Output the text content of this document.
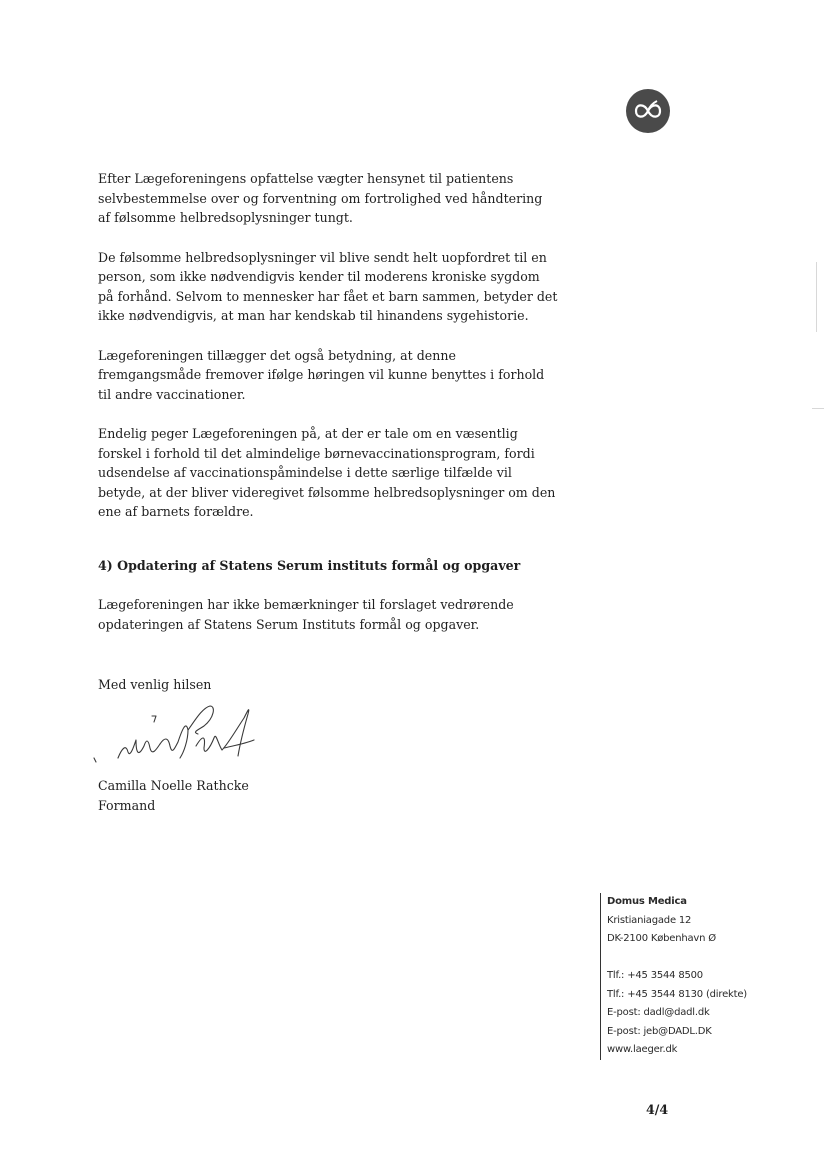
Efter Lægeforeningens opfattelse vægter hensynet til patientens selvbestemmelse over og forventning om fortrolighed ved håndtering af følsomme helbredsoplysninger tungt.

De følsomme helbredsoplysninger vil blive sendt helt uopfordret til en person, som ikke nødvendigvis kender til moderens kroniske sygdom på forhånd. Selvom to mennesker har fået et barn sammen, betyder det ikke nødvendigvis, at man har kendskab til hinandens sygehistorie.

Lægeforeningen tillægger det også betydning, at denne fremgangsmåde fremover ifølge høringen vil kunne benyttes i forhold til andre vaccinationer.

Endelig peger Lægeforeningen på, at der er tale om en væsentlig forskel i forhold til det almindelige børnevaccinationsprogram, fordi udsendelse af vaccinationspåmindelse i dette særlige tilfælde vil betyde, at der bliver videregivet følsomme helbredsoplysninger om den ene af barnets forældre.

4) Opdatering af Statens Serum instituts formål og opgaver

Lægeforeningen har ikke bemærkninger til forslaget vedrørende opdateringen af Statens Serum Instituts formål og opgaver.

Med venlig hilsen
Camilla Noelle Rathcke
Formand
Domus Medica
Kristianiagade 12
DK-2100 København Ø
Tlf.: +45 3544 8500
Tlf.: +45 3544 8130 (direkte)
E-post: dadl@dadl.dk
E-post: jeb@DADL.DK
www.laeger.dk
4/4
